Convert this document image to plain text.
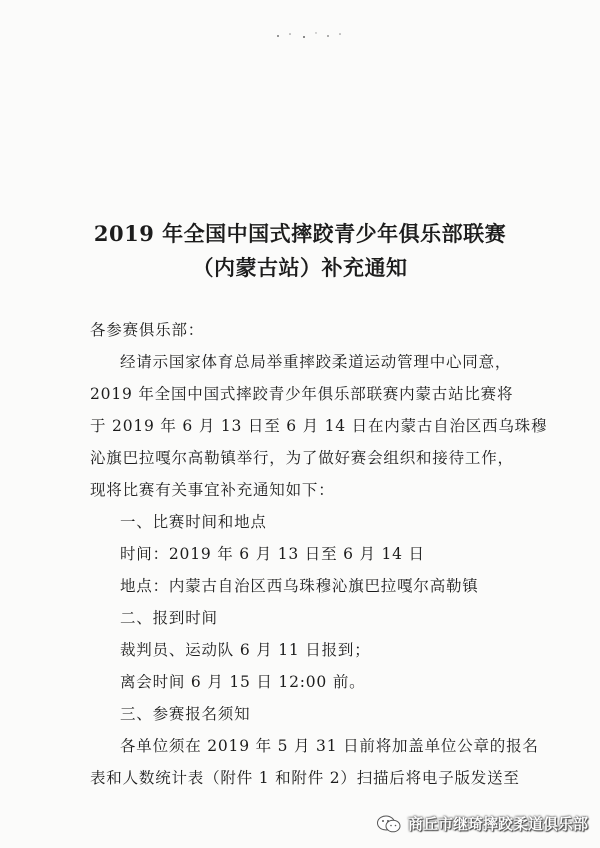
2019 年全国中国式摔跤青少年俱乐部联赛
（内蒙古站）补充通知
各参赛俱乐部：
经请示国家体育总局举重摔跤柔道运动管理中心同意，
2019 年全国中国式摔跤青少年俱乐部联赛内蒙古站比赛将
于 2019 年 6 月 13 日至 6 月 14 日在内蒙古自治区西乌珠穆
沁旗巴拉嘎尔高勒镇举行，为了做好赛会组织和接待工作，
现将比赛有关事宜补充通知如下：
一、比赛时间和地点
时间：2019 年 6 月 13 日至 6 月 14 日
地点：内蒙古自治区西乌珠穆沁旗巴拉嘎尔高勒镇
二、报到时间
裁判员、运动队 6 月 11 日报到；
离会时间 6 月 15 日 12:00 前。
三、参赛报名须知
各单位须在 2019 年 5 月 31 日前将加盖单位公章的报名
表和人数统计表（附件 1 和附件 2）扫描后将电子版发送至
商丘市继琦摔跤柔道俱乐部
